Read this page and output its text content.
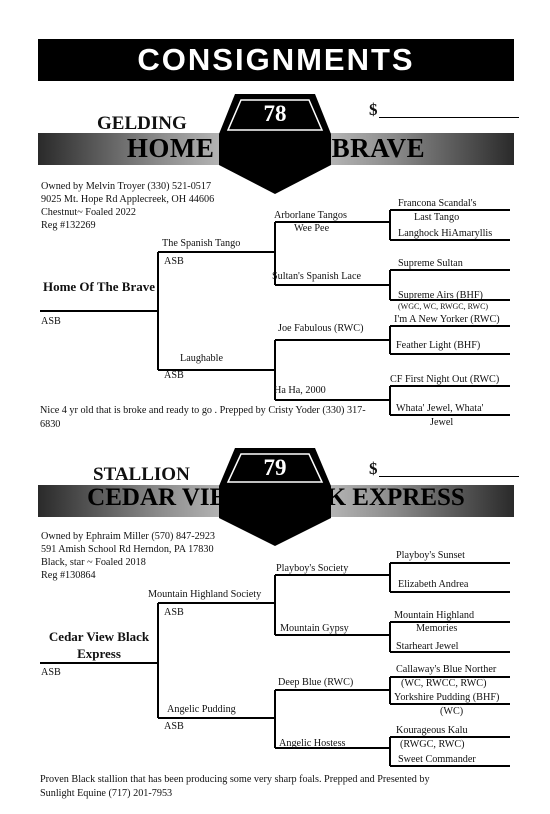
CONSIGNMENTS
78
GELDING
$
HOME OF THE BRAVE
Owned by Melvin Troyer (330) 521-0517
9025 Mt. Hope Rd Applecreek, OH 44606
Chestnut~ Foaled 2022
Reg #132269
Home Of The Brave
ASB
The Spanish Tango
ASB
Laughable
ASB
Arborlane Tangos
Wee Pee
Sultan's Spanish Lace
Joe Fabulous (RWC)
Ha Ha, 2000
Francona Scandal's
Last Tango
Langhock HiAmaryllis
Supreme Sultan
Supreme Airs (BHF)
(WGC, WC, RWGC, RWC)
I'm A New Yorker (RWC)
Feather Light (BHF)
CF First Night Out (RWC)
Whata' Jewel, Whata'
Jewel
Nice 4 yr old that is broke and ready to go . Prepped by Cristy Yoder (330) 317-6830
79
STALLION	$
CEDAR VIEW BLACK EXPRESS
Owned by Ephraim Miller (570) 847-2923
591 Amish School Rd Herndon, PA 17830
Black, star ~ Foaled 2018
Reg #130864
Cedar View Black Express
ASB
Mountain Highland Society
ASB
Angelic Pudding
ASB
Playboy's Society
Mountain Gypsy
Deep Blue (RWC)
Angelic Hostess
Playboy's Sunset
Elizabeth Andrea
Mountain Highland
Memories
Starheart Jewel
Callaway's Blue Norther
(WC, RWCC, RWC)
Yorkshire Pudding (BHF)
(WC)
Kourageous Kalu
(RWGC, RWC)
Sweet Commander
Proven Black stallion that has been producing some very sharp foals. Prepped and Presented by Sunlight Equine (717) 201-7953
